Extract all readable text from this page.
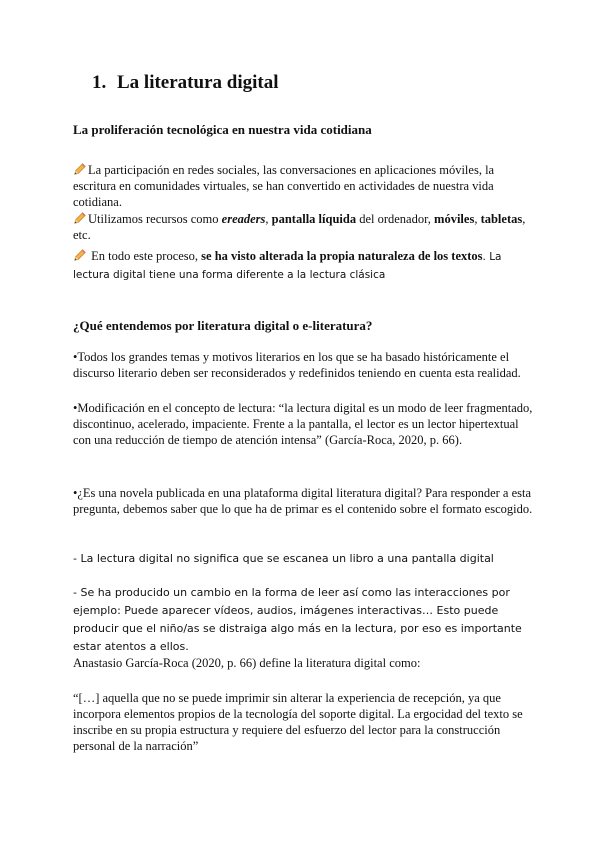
1. La literatura digital
La proliferación tecnológica en nuestra vida cotidiana

La participación en redes sociales, las conversaciones en aplicaciones móviles, la escritura en comunidades virtuales, se han convertido en actividades de nuestra vida cotidiana.

Utilizamos recursos como ereaders, pantalla líquida del ordenador, móviles, tabletas, etc.

En todo este proceso, se ha visto alterada la propia naturaleza de los textos. La lectura digital tiene una forma diferente a la lectura clásica

¿Qué entendemos por literatura digital o e-literatura?

•Todos los grandes temas y motivos literarios en los que se ha basado históricamente el discurso literario deben ser reconsiderados y redefinidos teniendo en cuenta esta realidad.

•Modificación en el concepto de lectura: “la lectura digital es un modo de leer fragmentado, discontinuo, acelerado, impaciente. Frente a la pantalla, el lector es un lector hipertextual con una reducción de tiempo de atención intensa” (García-Roca, 2020, p. 66).

•¿Es una novela publicada en una plataforma digital literatura digital? Para responder a esta pregunta, debemos saber que lo que ha de primar es el contenido sobre el formato escogido.

- La lectura digital no significa que se escanea un libro a una pantalla digital

- Se ha producido un cambio en la forma de leer así como las interacciones por ejemplo: Puede aparecer vídeos, audios, imágenes interactivas… Esto puede producir que el niño/as se distraiga algo más en la lectura, por eso es importante estar atentos a ellos.

Anastasio García-Roca (2020, p. 66) define la literatura digital como:

“[…] aquella que no se puede imprimir sin alterar la experiencia de recepción, ya que incorpora elementos propios de la tecnología del soporte digital. La ergocidad del texto se inscribe en su propia estructura y requiere del esfuerzo del lector para la construcción personal de la narración”
